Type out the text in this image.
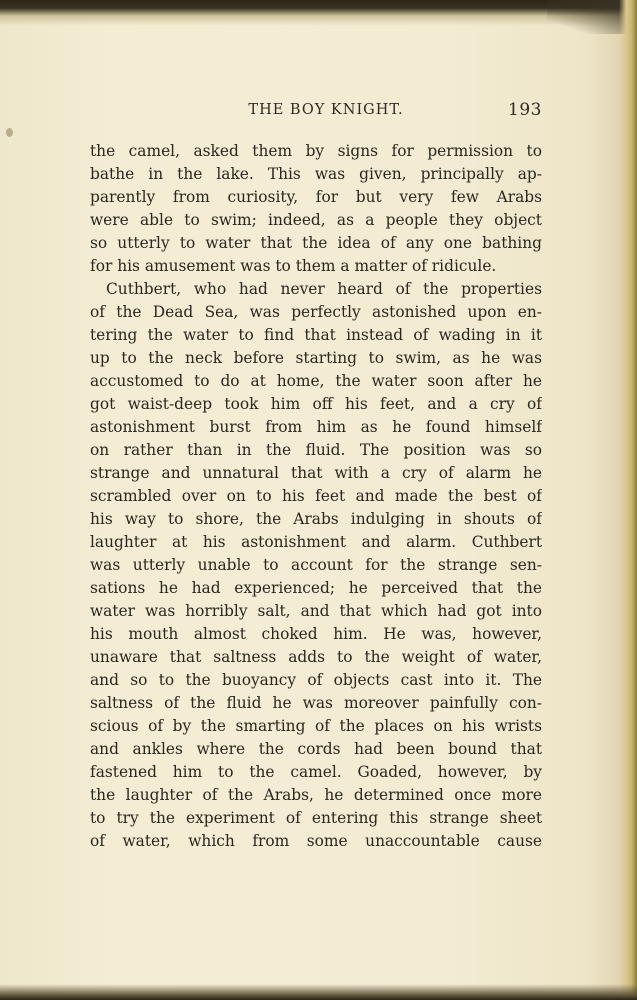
THE BOY KNIGHT.	193
the camel, asked them by signs for permission to
bathe in the lake. This was given, principally ap-
parently from curiosity, for but very few Arabs
were able to swim; indeed, as a people they object
so utterly to water that the idea of any one bathing
for his amusement was to them a matter of ridicule.
Cuthbert, who had never heard of the properties
of the Dead Sea, was perfectly astonished upon en-
tering the water to find that instead of wading in it
up to the neck before starting to swim, as he was
accustomed to do at home, the water soon after he
got waist-deep took him off his feet, and a cry of
astonishment burst from him as he found himself
on rather than in the fluid. The position was so
strange and unnatural that with a cry of alarm he
scrambled over on to his feet and made the best of
his way to shore, the Arabs indulging in shouts of
laughter at his astonishment and alarm. Cuthbert
was utterly unable to account for the strange sen-
sations he had experienced; he perceived that the
water was horribly salt, and that which had got into
his mouth almost choked him. He was, however,
unaware that saltness adds to the weight of water,
and so to the buoyancy of objects cast into it. The
saltness of the fluid he was moreover painfully con-
scious of by the smarting of the places on his wrists
and ankles where the cords had been bound that
fastened him to the camel. Goaded, however, by
the laughter of the Arabs, he determined once more
to try the experiment of entering this strange sheet
of water, which from some unaccountable cause
